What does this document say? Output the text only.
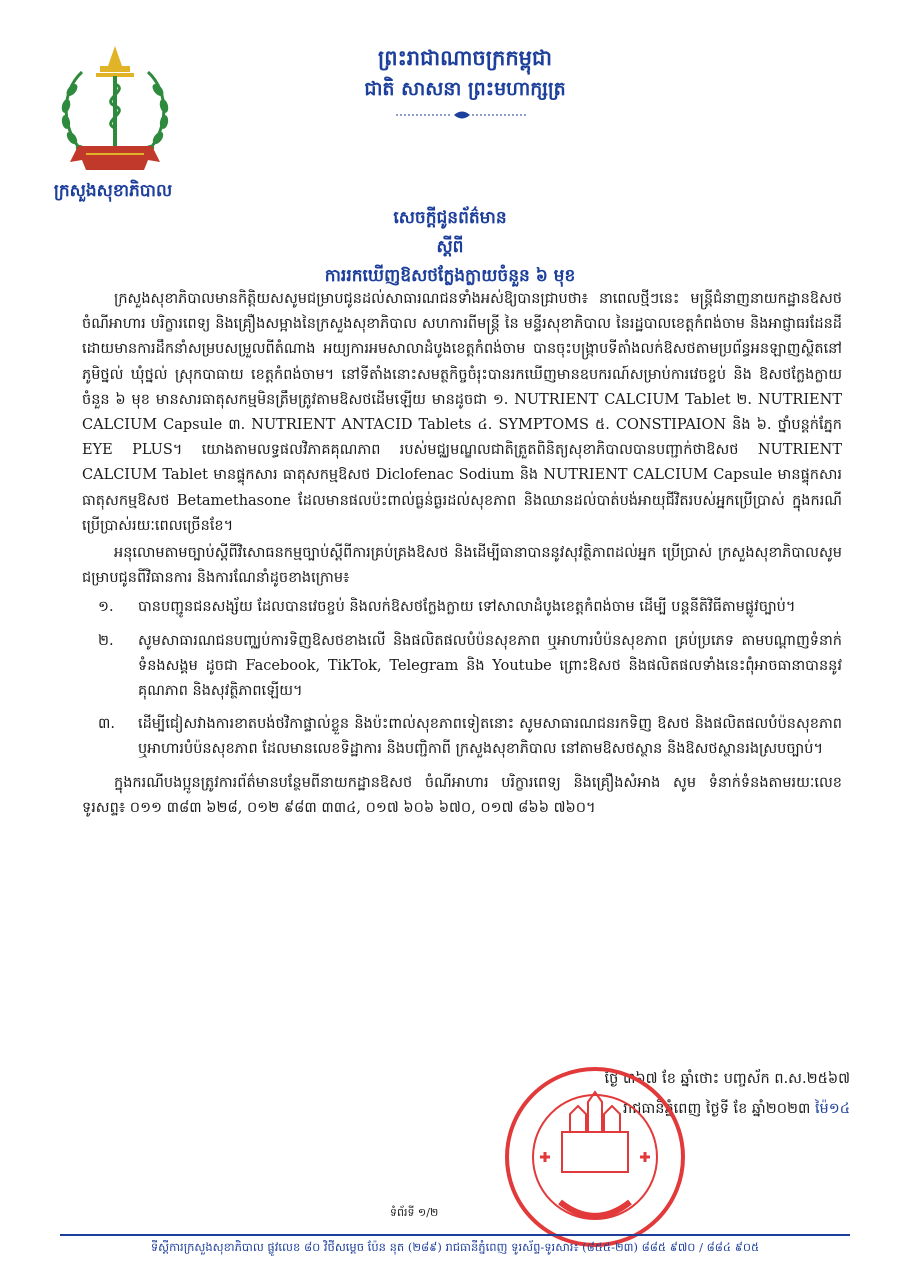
ក្រសួងសុខាភិបាល
ព្រះរាជាណាចក្រកម្ពុជា
ជាតិ សាសនា ព្រះមហាក្សត្រ
សេចក្ដីជូនព័ត៌មាន
ស្ដីពី
ការរកឃើញឱសថក្លែងក្លាយចំនួន ៦ មុខ

ក្រសួងសុខាភិបាលមានកិត្តិយសសូមជម្រាបជូនដល់សាធារណជនទាំងអស់ឱ្យបានជ្រាបថា៖ នាពេលថ្មីៗនេះ មន្ត្រីជំនាញនាយកដ្ឋានឱសថ ចំណីអាហារ បរិក្ខារពេទ្យ និងគ្រឿងសម្អាងនៃក្រសួងសុខាភិបាល សហការពីមន្ត្រី នៃ មន្ទីរសុខាភិបាល នៃរដ្ឋបាលខេត្តកំពង់ចាម និងអាជ្ញាធរដែនដី ដោយមានការដឹកនាំសម្របសម្រួលពីតំណាង អយ្យការអមសាលាដំបូងខេត្តកំពង់ចាម បានចុះបង្ក្រាបទីតាំងលក់ឱសថតាមប្រព័ន្ធអនឡាញស្ថិតនៅភូមិថ្នល់ ឃុំថ្នល់ ស្រុកបាធាយ ខេត្តកំពង់ចាម។ នៅទីតាំងនោះសមត្ថកិច្ចចំរុះបានរកឃើញមានឧបករណ៍សម្រាប់ការវេចខ្ចប់ និង ឱសថក្លែងក្លាយចំនួន ៦ មុខ មានសារធាតុសកម្មមិនត្រឹមត្រូវតាមឱសថដើមឡើយ មានដូចជា ១. NUTRIENT CALCIUM Tablet ២. NUTRIENT CALCIUM Capsule ៣. NUTRIENT ANTACID Tablets ៤. SYMPTOMS ៥. CONSTIPAION និង ៦. ថ្នាំបន្តក់ភ្នែក EYE PLUS។ យោងតាមលទ្ធផលវិភាគគុណភាព របស់មជ្ឈមណ្ឌលជាតិត្រួតពិនិត្យសុខាភិបាលបានបញ្ជាក់ថាឱសថ NUTRIENT CALCIUM Tablet មានផ្ទុកសារ ធាតុសកម្មឱសថ Diclofenac Sodium និង NUTRIENT CALCIUM Capsule មានផ្ទុកសារធាតុសកម្មឱសថ Betamethasone ដែលមានផលប៉ះពាល់ធ្ងន់ធ្ងរដល់សុខភាព និងឈានដល់បាត់បង់អាយុជីវិតរបស់អ្នកប្រើប្រាស់ ក្នុងករណីប្រើប្រាស់រយៈពេលច្រើនខែ។

អនុលោមតាមច្បាប់ស្ដីពីវិសោធនកម្មច្បាប់ស្ដីពីការគ្រប់គ្រងឱសថ និងដើម្បីធានាបាននូវសុវត្ថិភាពដល់អ្នក ប្រើប្រាស់ ក្រសួងសុខាភិបាលសូមជម្រាបជូនពីវិធានការ និងការណែនាំដូចខាងក្រោម៖

១.	បានបញ្ជូនជនសង្ស័យ ដែលបានវេចខ្ចប់ និងលក់ឱសថក្លែងក្លាយ ទៅសាលាដំបូងខេត្តកំពង់ចាម ដើម្បី បន្តនីតិវិធីតាមផ្លូវច្បាប់។
២.	សូមសាធារណជនបញ្ឈប់ការទិញឱសថខាងលើ និងផលិតផលបំប៉នសុខភាព ឬអាហារបំប៉នសុខភាព គ្រប់ប្រភេទ តាមបណ្ដាញទំនាក់ទំនងសង្គម ដូចជា Facebook, TikTok, Telegram និង Youtube ព្រោះឱសថ និងផលិតផលទាំងនេះពុំអាចធានាបាននូវគុណភាព និងសុវត្ថិភាពឡើយ។
៣.	ដើម្បីជៀសវាងការខាតបង់ថវិកាផ្ទាល់ខ្លួន និងប៉ះពាល់សុខភាពទៀតនោះ សូមសាធារណជនរកទិញ ឱសថ និងផលិតផលបំប៉នសុខភាព ឬអាហារបំប៉នសុខភាព ដែលមានលេខទិដ្ឋាការ និងបញ្ជិកាពី ក្រសួងសុខាភិបាល នៅតាមឱសថស្ថាន និងឱសថស្ថានរងស្របច្បាប់។

ក្នុងករណីបងប្អូនត្រូវការព័ត៌មានបន្ថែមពីនាយកដ្ឋានឱសថ ចំណីអាហារ បរិក្ខារពេទ្យ និងគ្រឿងសំអាង សូម ទំនាក់ទំនងតាមរយៈលេខទូរសព្ទ៖ ០១១ ៣៨៣ ៦២៨, ០១២ ៩៨៣ ៣៣៤, ០១៧ ៦០៦ ៦៧០, ០១៧ ៨៦៦ ៧៦០។

ថ្ងៃ ៣៦៧ ខែ ឆ្នាំថោះ បញ្ចស័ក ព.ស.២៥៦៧
រាជធានីភ្នំពេញ ថ្ងៃទី ខែ ឆ្នាំ២០២៣ ម៉ៃ១៤
ទំព័រទី ១/២
ទីស្ដីការក្រសួងសុខាភិបាល ផ្លូវលេខ ៨០ វិថីសម្ដេច ប៉ែន នុត (២៨៩) រាជធានីភ្នំពេញ ទូរស័ព្ទ-ទូរសារ៖ (៨៥៥-២៣) ៨៨៥ ៩៧០ / ៨៨៤ ៩០៥
